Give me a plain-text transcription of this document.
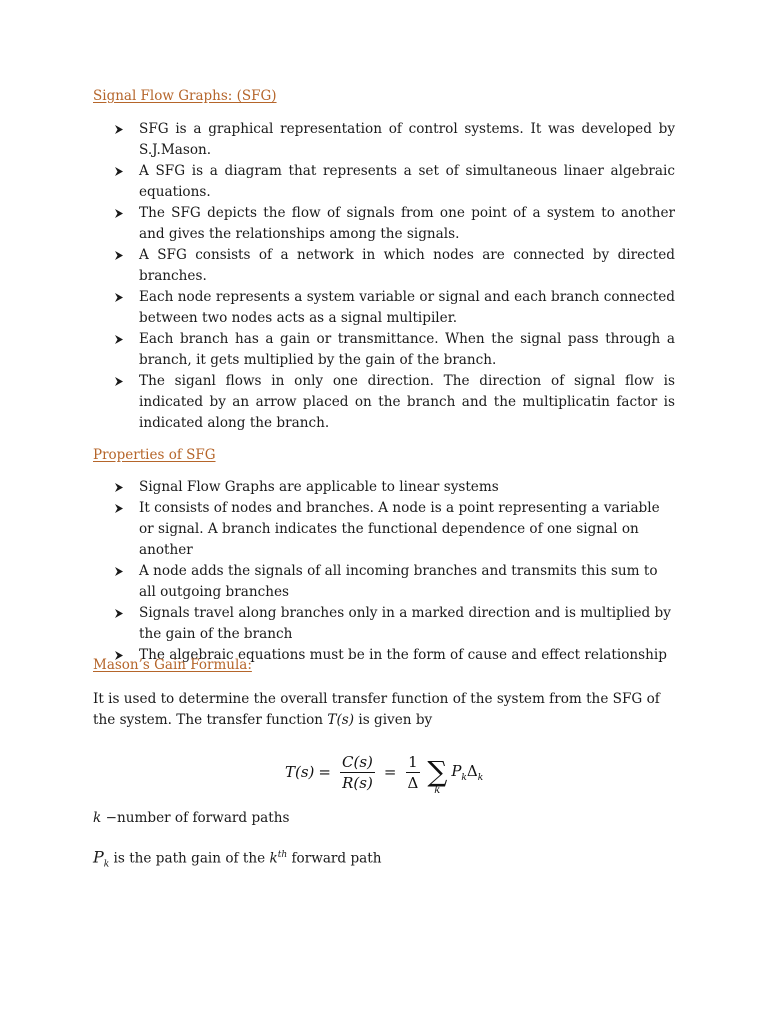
Signal Flow Graphs: (SFG)
SFG is a graphical representation of control systems. It was developed by S.J.Mason.
A SFG is a diagram that represents a set of simultaneous linaer algebraic equations.
The SFG depicts the flow of signals from one point of a system to another and gives the relationships among the signals.
A SFG consists of a network in which nodes are connected by directed branches.
Each node represents a system variable or signal and each branch connected between two nodes acts as a signal multipiler.
Each branch has a gain or transmittance. When the signal pass through a branch, it gets multiplied by the gain of the branch.
The siganl flows in only one direction. The direction of signal flow is indicated by an arrow placed on the branch and the multiplicatin factor is indicated along the branch.
Properties of SFG
Signal Flow Graphs are applicable to linear systems
It consists of nodes and branches. A node is a point representing a variable or signal. A branch indicates the functional dependence of one signal on another
A node adds the signals of all incoming branches and transmits this sum to all outgoing branches
Signals travel along branches only in a marked direction and is multiplied by the gain of the branch
The algebraic equations must be in the form of cause and effect relationship
Mason’s Gain Formula:
It is used to determine the overall transfer function of the system from the SFG of the system. The transfer function T(s) is given by
$T(s) = \frac{C(s)}{R(s)} = \frac{1}{\Delta}$ ∑
k
$P_k\Delta_k$
k −number of forward paths
$P_k$ is the path gain of the $k^{th}$ forward path
